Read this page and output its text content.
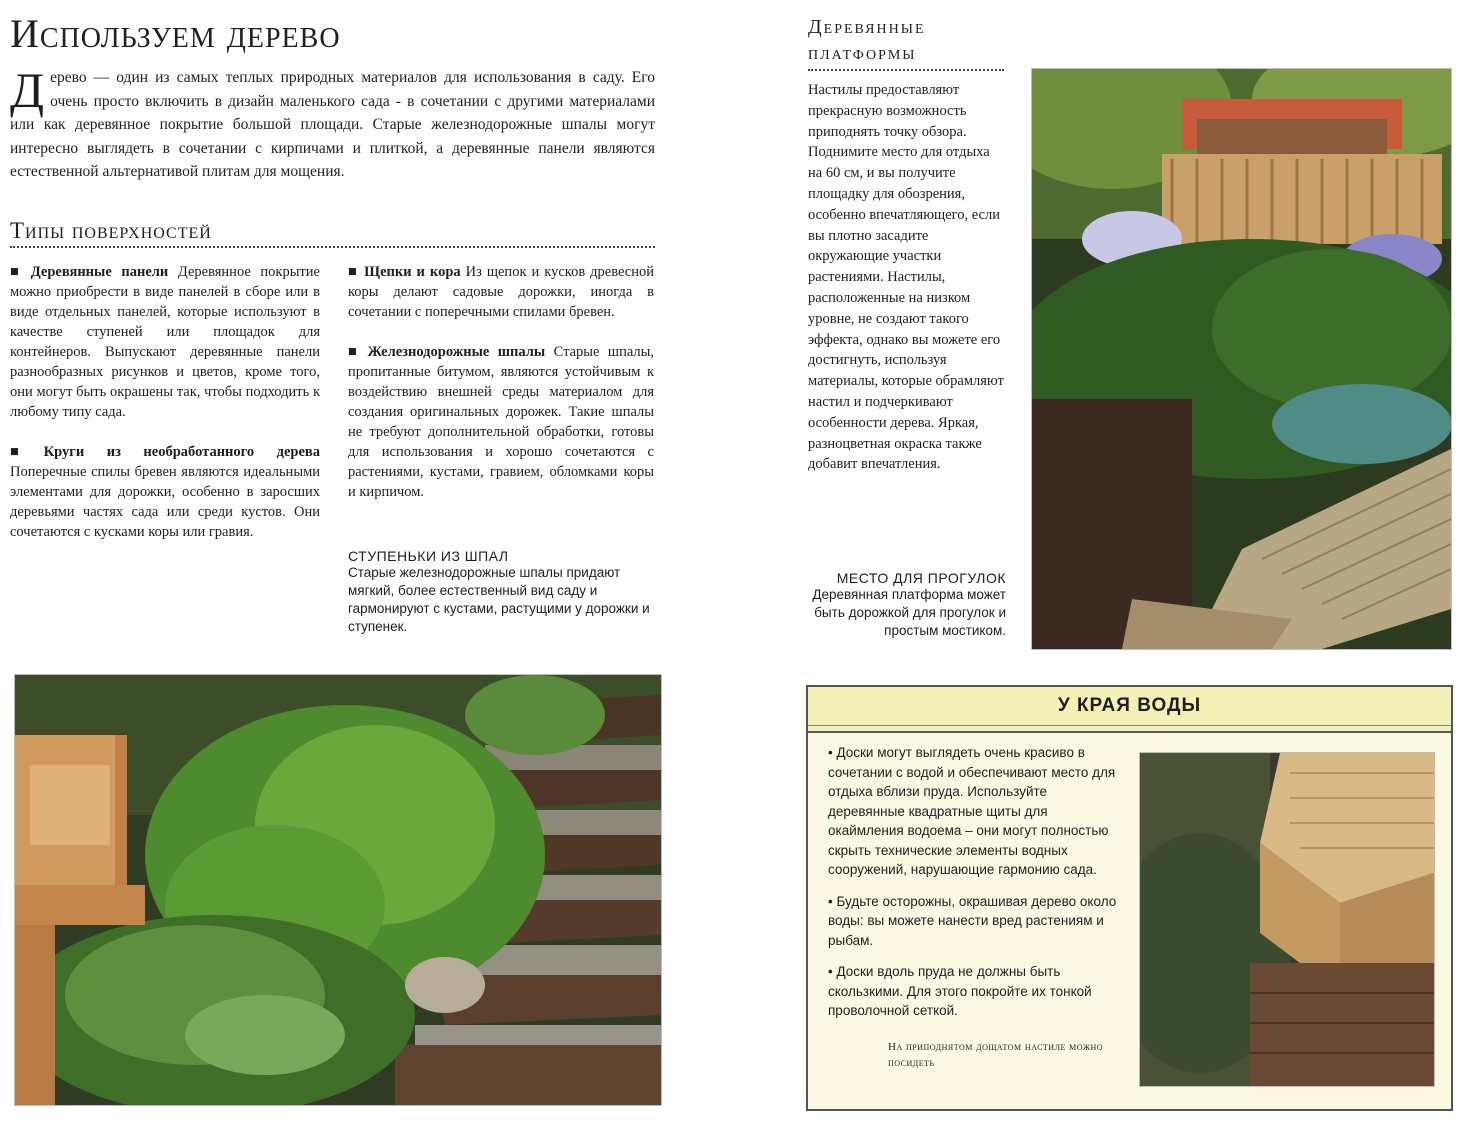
Используем дерево
Дерево — один из самых теплых природных материалов для использования в саду. Его очень просто включить в дизайн маленького сада - в сочетании с другими материалами или как деревянное покрытие большой площади. Старые железнодорожные шпалы могут интересно выглядеть в сочетании с кирпичами и плиткой, а деревянные панели являются естественной альтернативой плитам для мощения.
Типы поверхностей

■ Деревянные панели Деревянное покрытие можно приобрести в виде панелей в сборе или в виде отдельных панелей, которые используют в качестве ступеней или площадок для контейнеров. Выпускают деревянные панели разнообразных рисунков и цветов, кроме того, они могут быть окрашены так, чтобы подходить к любому типу сада.

■ Круги из необработанного дерева Поперечные спилы бревен являются идеальными элементами для дорожки, особенно в заросших деревьями частях сада или среди кустов. Они сочетаются с кусками коры или гравия.

■ Щепки и кора Из щепок и кусков древесной коры делают садовые дорожки, иногда в сочетании с поперечными спилами бревен.

■ Железнодорожные шпалы Старые шпалы, пропитанные битумом, являются устойчивым к воздействию внешней среды материалом для создания оригинальных дорожек. Такие шпалы не требуют дополнительной обработки, готовы для использования и хорошо сочетаются с растениями, кустами, гравием, обломками коры и кирпичом.

СТУПЕНЬКИ ИЗ ШПАЛ
Старые железнодорожные шпалы придают мягкий, более естественный вид саду и гармонируют с кустами, растущими у дорожки и ступенек.
Деревянные
платформы
Настилы предоставляют прекрасную возможность приподнять точку обзора. Поднимите место для отдыха на 60 см, и вы получите площадку для обозрения, особенно впечатляющего, если вы плотно засадите окружающие участки растениями. Настилы, расположенные на низком уровне, не создают такого эффекта, однако вы можете его достигнуть, используя материалы, которые обрамляют настил и подчеркивают особенности дерева. Яркая, разноцветная окраска также добавит впечатления.
МЕСТО ДЛЯ ПРОГУЛОК
Деревянная платформа может быть дорожкой для прогулок и простым мостиком.
У КРАЯ ВОДЫ

• Доски могут выглядеть очень красиво в сочетании с водой и обеспечивают место для отдыха вблизи пруда. Используйте деревянные квадратные щиты для окаймления водоема – они могут полностью скрыть технические элементы водных сооружений, нарушающие гармонию сада.

• Будьте осторожны, окрашивая дерево около воды: вы можете нанести вред растениям и рыбам.

• Доски вдоль пруда не должны быть скользкими. Для этого покройте их тонкой проволочной сеткой.

На приподнятом дощатом настиле можно посидеть
